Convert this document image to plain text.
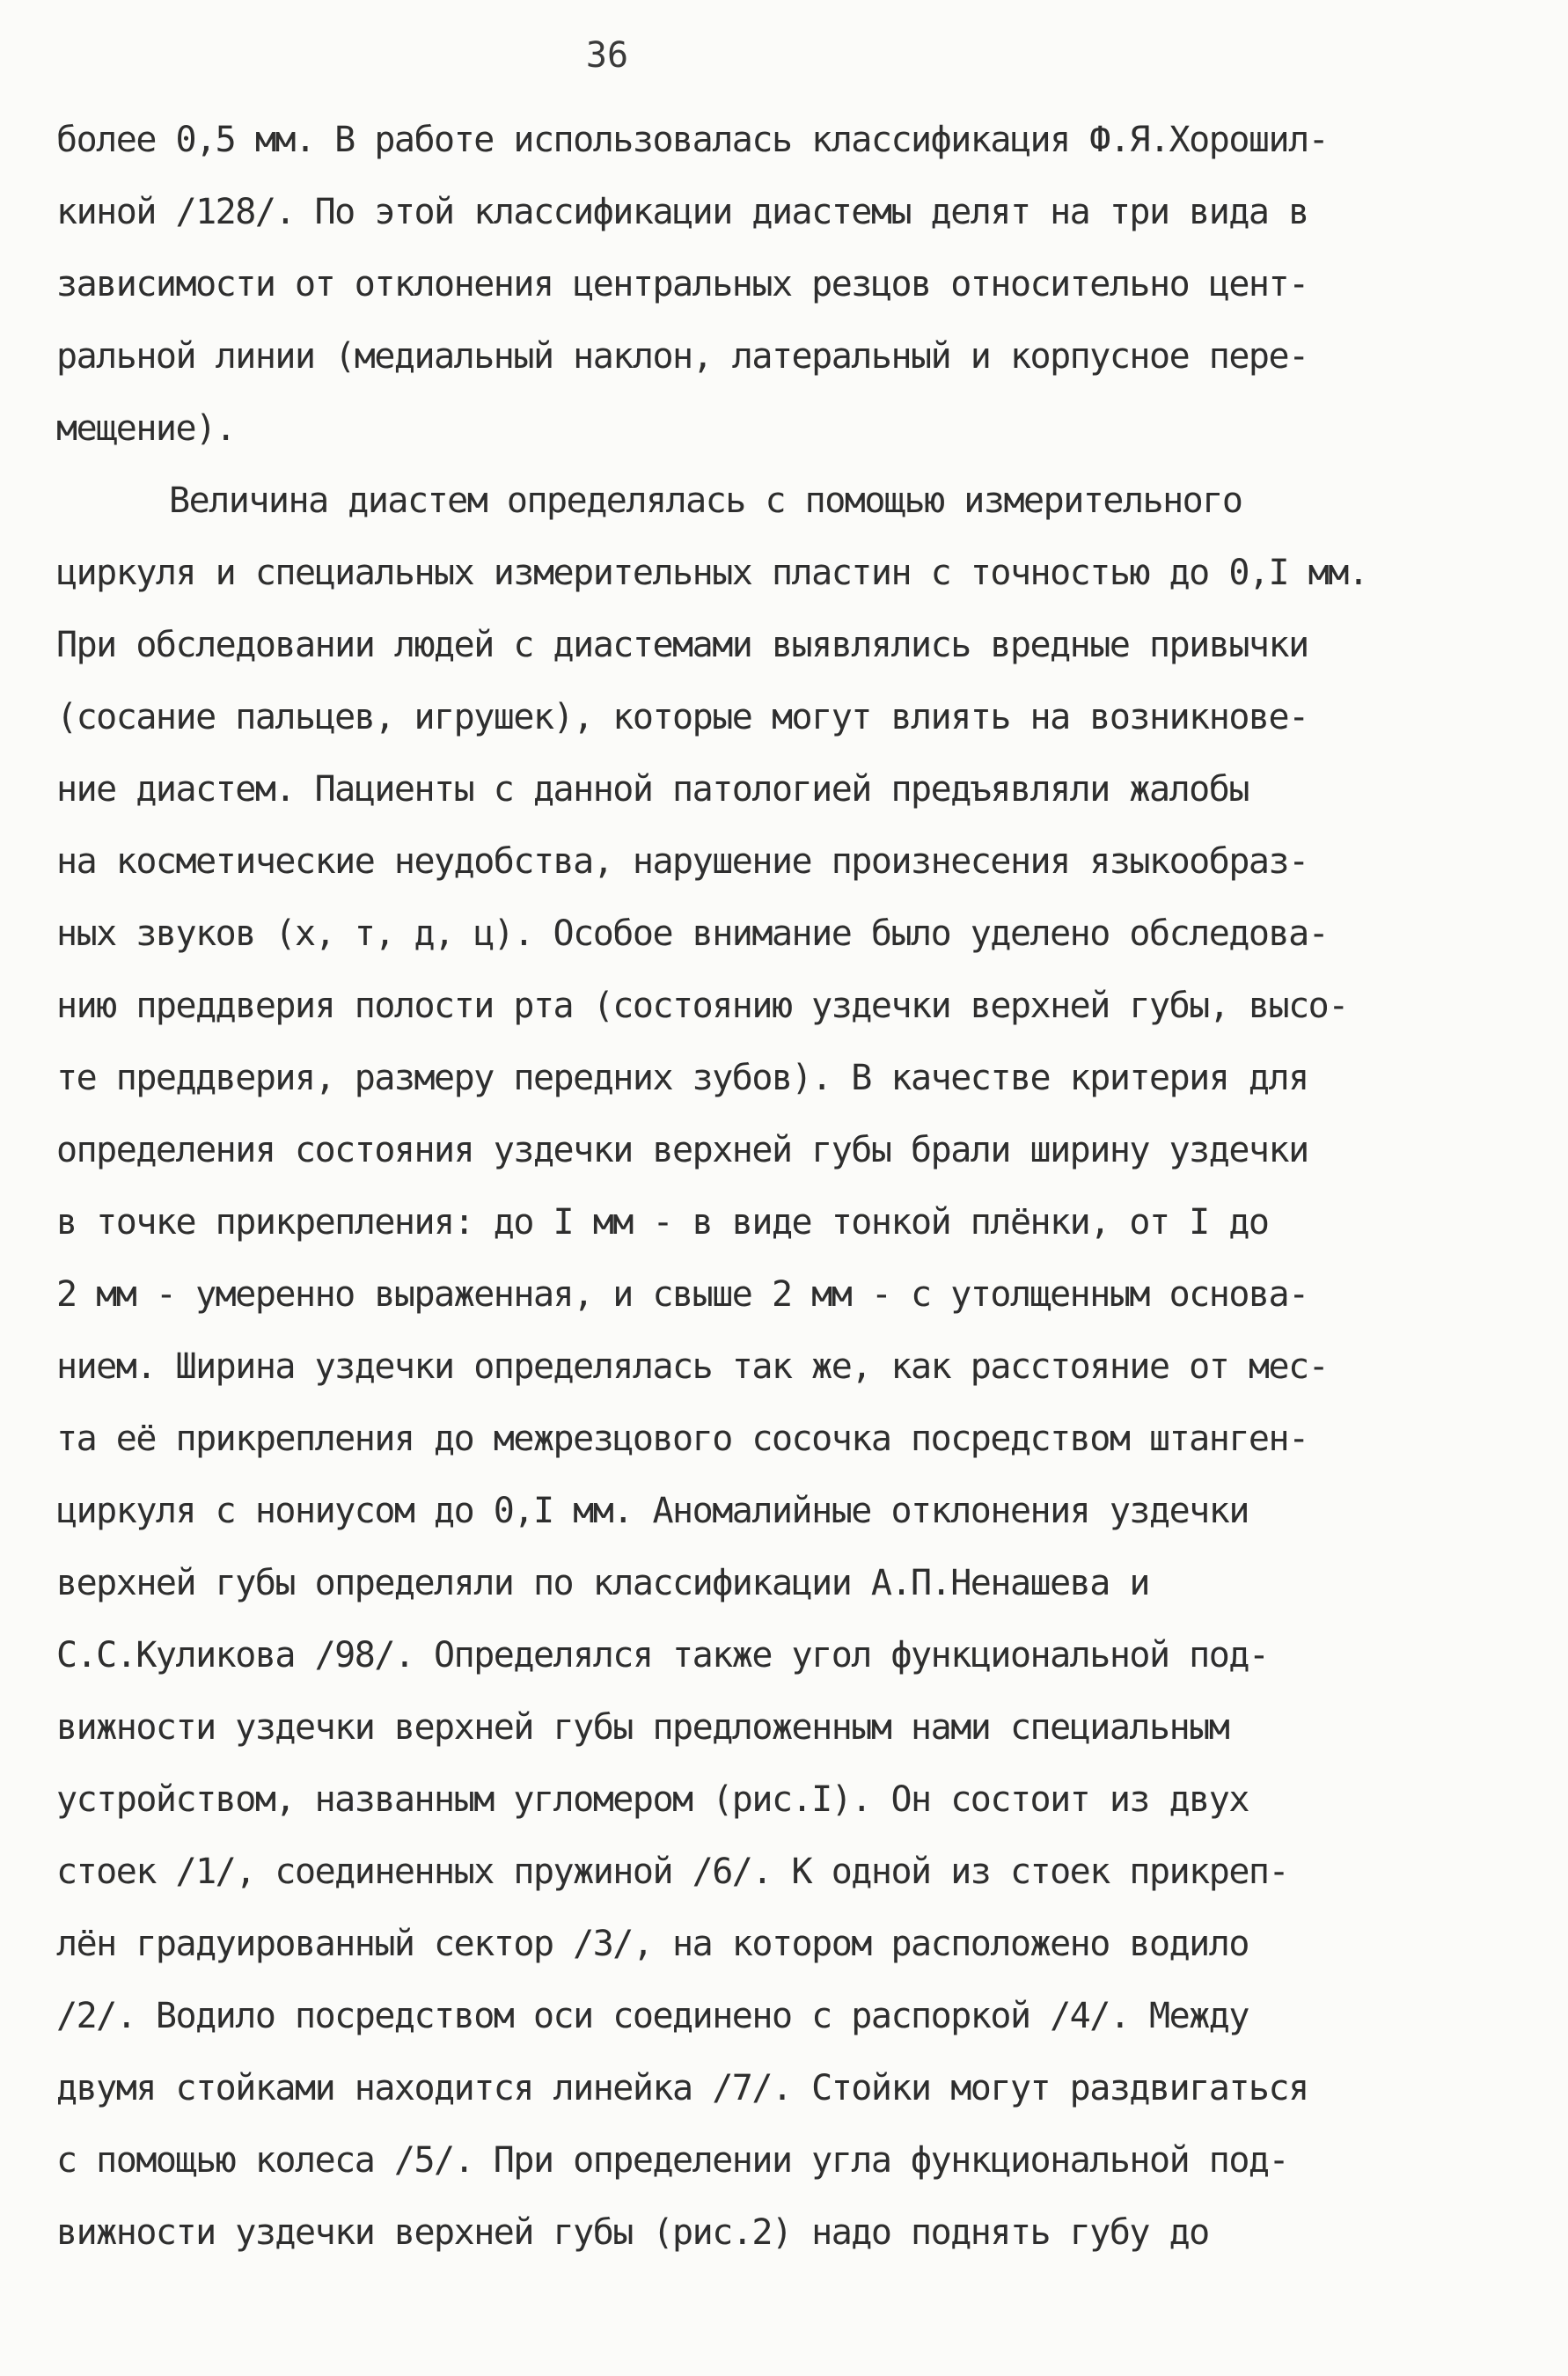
36
более 0,5 мм. В работе использовалась классификация Ф.Я.Хорошил-
киной /128/. По этой классификации диастемы делят на три вида в
зависимости от отклонения центральных резцов относительно цент-
ральной линии (медиальный наклон, латеральный и корпусное пере-
мещение).
Величина диастем определялась с помощью измерительного
циркуля и специальных измерительных пластин с точностью до 0,I мм.
При обследовании людей с диастемами выявлялись вредные привычки
(сосание пальцев, игрушек), которые могут влиять на возникнове-
ние диастем. Пациенты с данной патологией предъявляли жалобы
на косметические неудобства, нарушение произнесения языкообраз-
ных звуков (х, т, д, ц). Особое внимание было уделено обследова-
нию преддверия полости рта (состоянию уздечки верхней губы, высо-
те преддверия, размеру передних зубов). В качестве критерия для
определения состояния уздечки верхней губы брали ширину уздечки
в точке прикрепления: до I мм - в виде тонкой плёнки, от I до
2 мм - умеренно выраженная, и свыше 2 мм - с утолщенным основа-
нием. Ширина уздечки определялась так же, как расстояние от мес-
та её прикрепления до межрезцового сосочка посредством штанген-
циркуля с нониусом до 0,I мм. Аномалийные отклонения уздечки
верхней губы определяли по классификации А.П.Ненашева и
С.С.Куликова /98/. Определялся также угол функциональной под-
вижности уздечки верхней губы предложенным нами специальным
устройством, названным угломером (рис.I). Он состоит из двух
стоек /1/, соединенных пружиной /6/. К одной из стоек прикреп-
лён градуированный сектор /3/, на котором расположено водило
/2/. Водило посредством оси соединено с распоркой /4/. Между
двумя стойками находится линейка /7/. Стойки могут раздвигаться
с помощью колеса /5/. При определении угла функциональной под-
вижности уздечки верхней губы (рис.2) надо поднять губу до
